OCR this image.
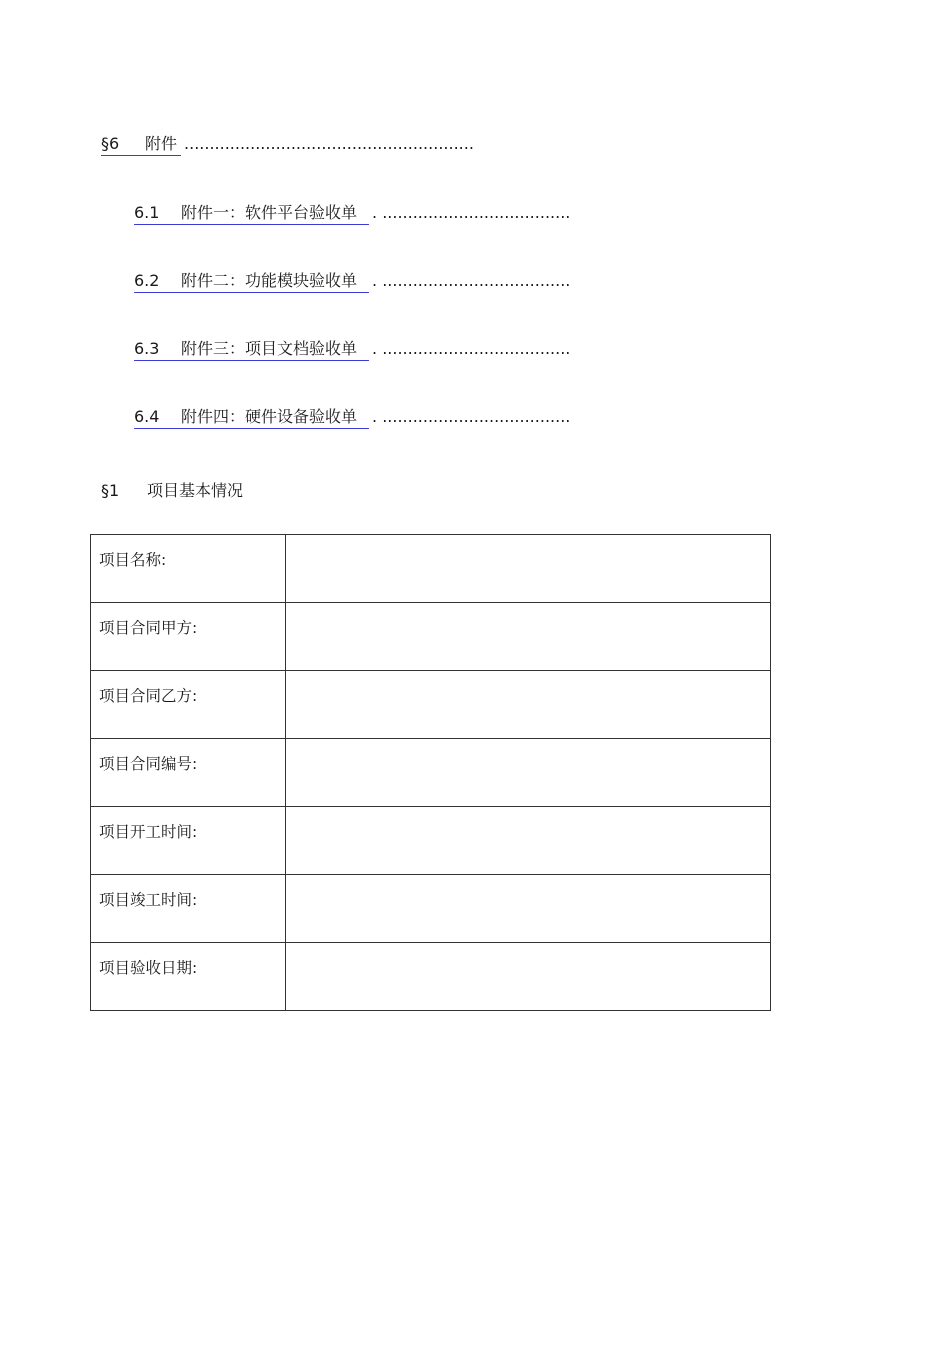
§6 附件 .........................................................
6.1 附件一：软件平台验收单 . .....................................
6.2 附件二：功能模块验收单 . .....................................
6.3 附件三：项目文档验收单 . .....................................
6.4 附件四：硬件设备验收单 . .....................................
§1 项目基本情况
项目名称:	
项目合同甲方:	
项目合同乙方:	
项目合同编号:	
项目开工时间:	
项目竣工时间:	
项目验收日期:	
